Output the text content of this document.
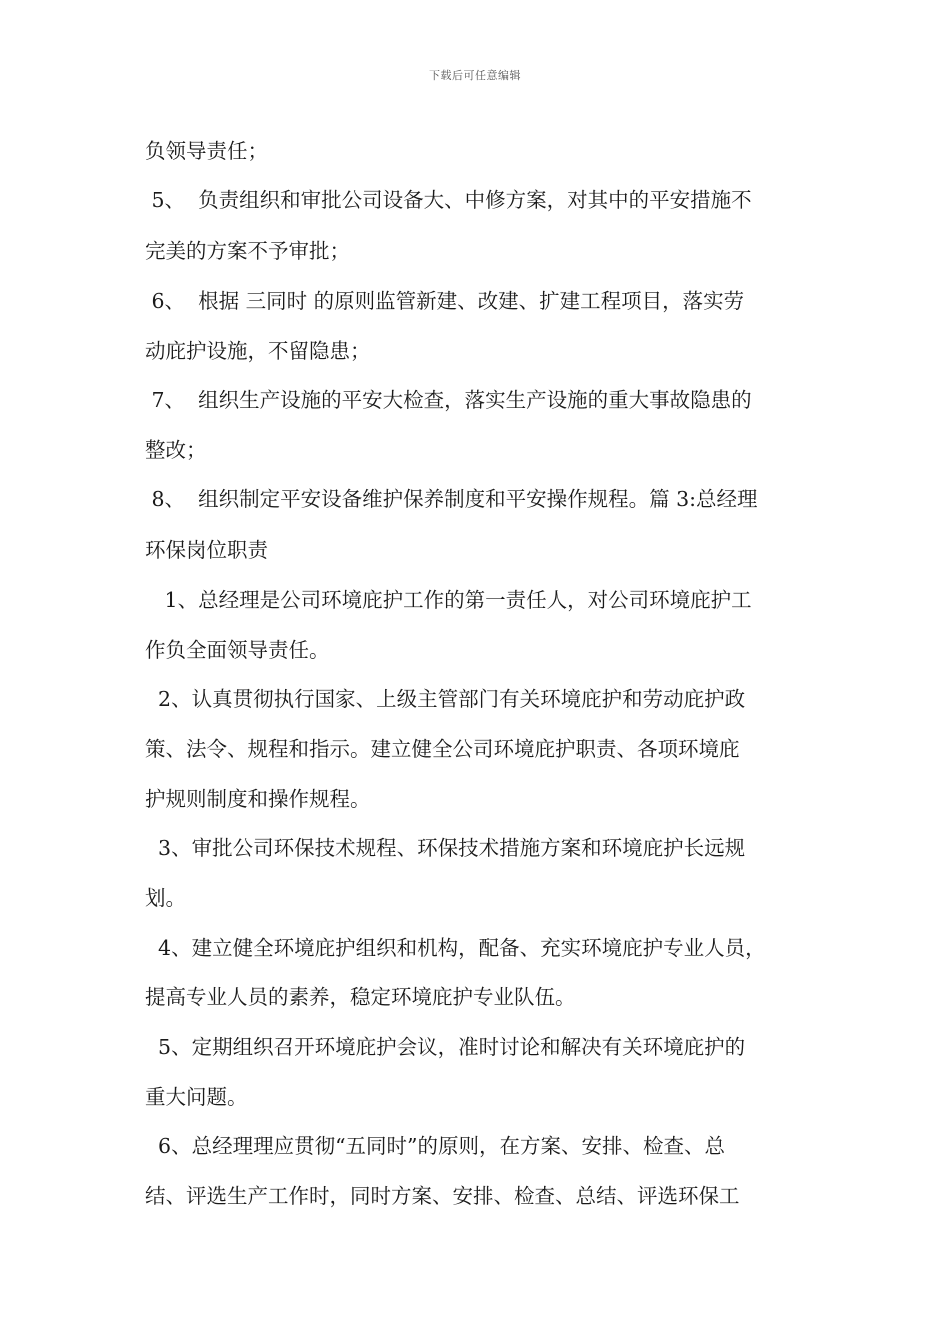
下载后可任意编辑
负领导责任；
5、  负责组织和审批公司设备大、中修方案，对其中的平安措施不
完美的方案不予审批；
6、  根据 三同时 的原则监管新建、改建、扩建工程项目，落实劳
动庇护设施，不留隐患；
7、  组织生产设施的平安大检查，落实生产设施的重大事故隐患的
整改；
8、  组织制定平安设备维护保养制度和平安操作规程。篇 3:总经理
环保岗位职责
1、总经理是公司环境庇护工作的第一责任人，对公司环境庇护工
作负全面领导责任。
2、认真贯彻执行国家、上级主管部门有关环境庇护和劳动庇护政
策、法令、规程和指示。建立健全公司环境庇护职责、各项环境庇
护规则制度和操作规程。
3、审批公司环保技术规程、环保技术措施方案和环境庇护长远规
划。
4、建立健全环境庇护组织和机构，配备、充实环境庇护专业人员，
提高专业人员的素养，稳定环境庇护专业队伍。
5、定期组织召开环境庇护会议，准时讨论和解决有关环境庇护的
重大问题。
6、总经理理应贯彻“五同时”的原则，在方案、安排、检查、总
结、评选生产工作时，同时方案、安排、检查、总结、评选环保工
